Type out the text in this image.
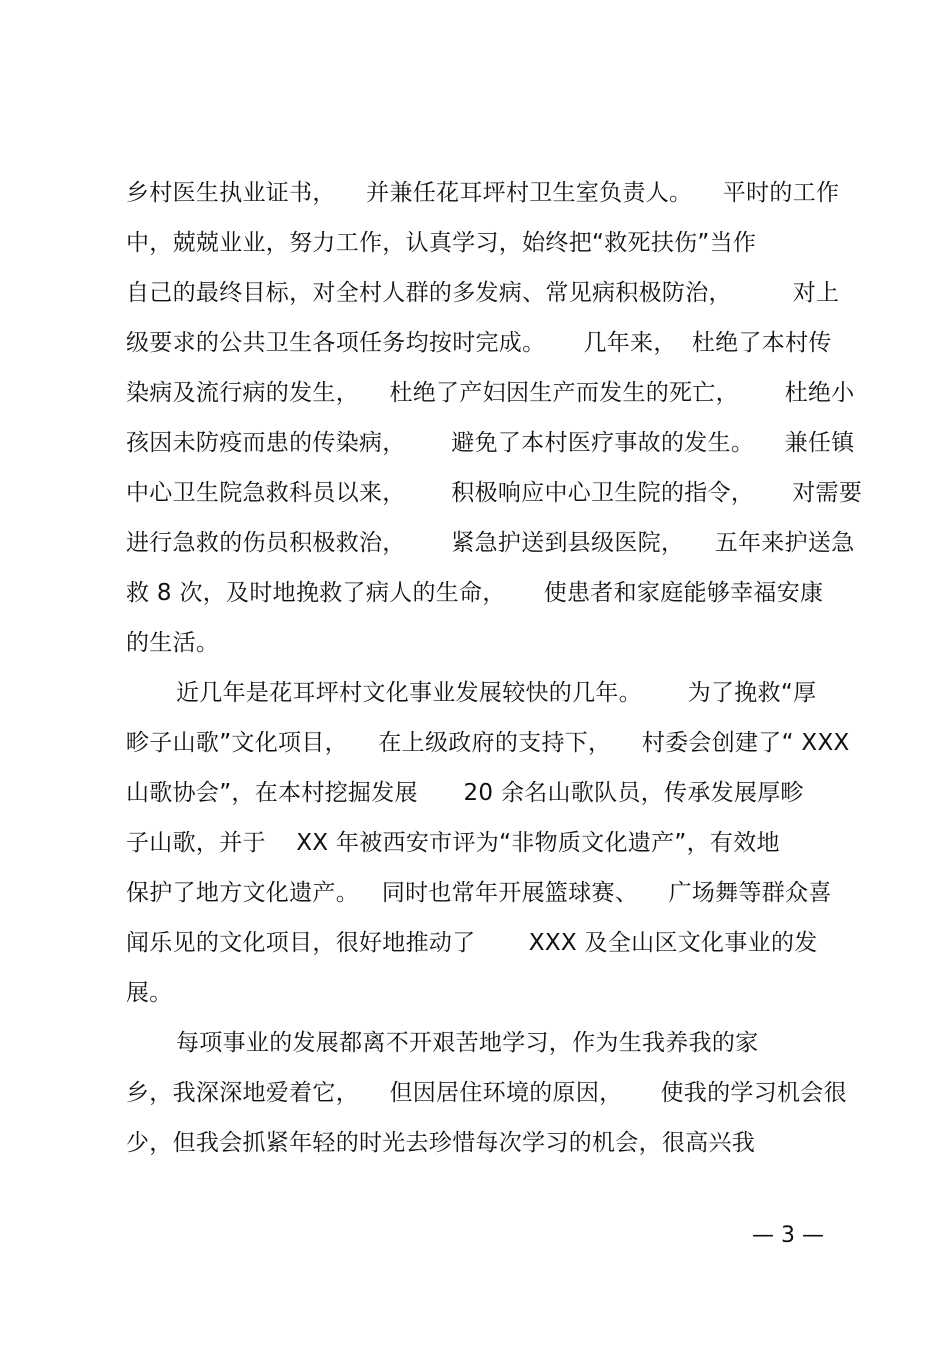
乡村医生执业证书，    并兼任花耳坪村卫生室负责人。    平时的工作
中，兢兢业业，努力工作，认真学习，始终把“救死扶伤”当作
自己的最终目标，对全村人群的多发病、常见病积极防治，        对上
级要求的公共卫生各项任务均按时完成。     几年来，  杜绝了本村传
染病及流行病的发生，    杜绝了产妇因生产而发生的死亡，      杜绝小
孩因未防疫而患的传染病，      避免了本村医疗事故的发生。    兼任镇
中心卫生院急救科员以来，      积极响应中心卫生院的指令，     对需要
进行急救的伤员积极救治，      紧急护送到县级医院，    五年来护送急
救 8 次，及时地挽救了病人的生命，     使患者和家庭能够幸福安康
的生活。
近几年是花耳坪村文化事业发展较快的几年。      为了挽救“厚
畛子山歌”文化项目，    在上级政府的支持下，    村委会创建了“ XXX
山歌协会”，在本村挖掘发展      20 余名山歌队员，传承发展厚畛
子山歌，并于    XX 年被西安市评为“非物质文化遗产”，有效地
保护了地方文化遗产。   同时也常年开展篮球赛、    广场舞等群众喜
闻乐见的文化项目，很好地推动了       XXX 及全山区文化事业的发
展。
每项事业的发展都离不开艰苦地学习，作为生我养我的家
乡，我深深地爱着它，    但因居住环境的原因，     使我的学习机会很
少，但我会抓紧年轻的时光去珍惜每次学习的机会，很高兴我
— 3 —
